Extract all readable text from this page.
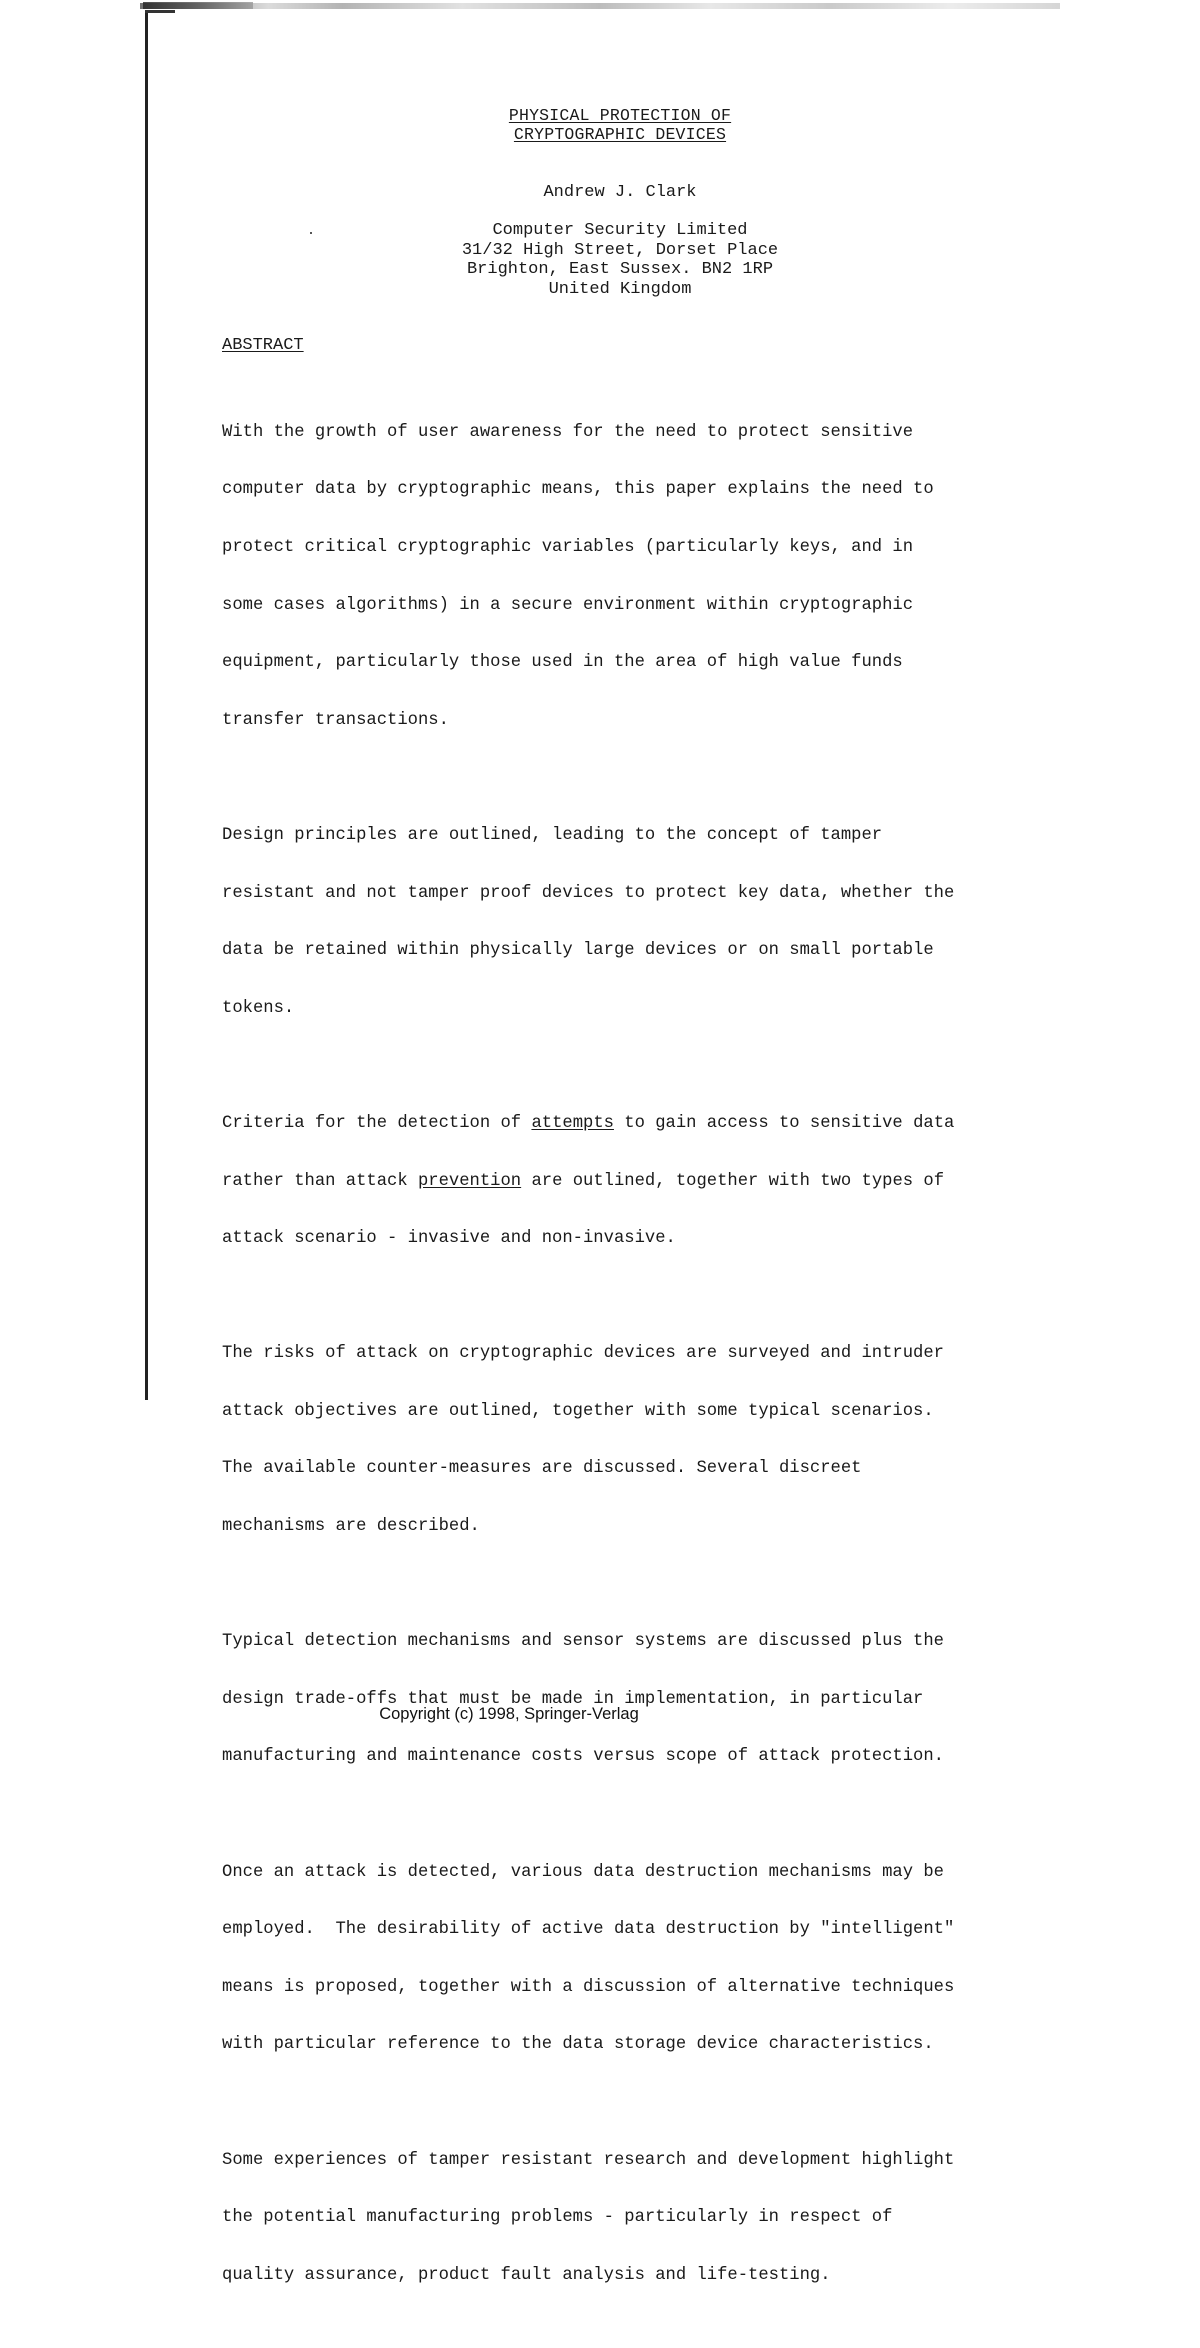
PHYSICAL PROTECTION OF
CRYPTOGRAPHIC DEVICES
Andrew J. Clark
Computer Security Limited
31/32 High Street, Dorset Place
Brighton, East Sussex. BN2 1RP
United Kingdom
ABSTRACT

With the growth of user awareness for the need to protect sensitive

computer data by cryptographic means, this paper explains the need to

protect critical cryptographic variables (particularly keys, and in

some cases algorithms) in a secure environment within cryptographic

equipment, particularly those used in the area of high value funds

transfer transactions.

Design principles are outlined, leading to the concept of tamper

resistant and not tamper proof devices to protect key data, whether the

data be retained within physically large devices or on small portable

tokens.

Criteria for the detection of attempts to gain access to sensitive data

rather than attack prevention are outlined, together with two types of

attack scenario - invasive and non-invasive.

The risks of attack on cryptographic devices are surveyed and intruder

attack objectives are outlined, together with some typical scenarios.

The available counter-measures are discussed. Several discreet

mechanisms are described.

Typical detection mechanisms and sensor systems are discussed plus the

design trade-offs that must be made in implementation, in particular

manufacturing and maintenance costs versus scope of attack protection.

Once an attack is detected, various data destruction mechanisms may be

employed.  The desirability of active data destruction by "intelligent"

means is proposed, together with a discussion of alternative techniques

with particular reference to the data storage device characteristics.

Some experiences of tamper resistant research and development highlight

the potential manufacturing problems - particularly in respect of

quality assurance, product fault analysis and life-testing.

Copyright (c) 1998, Springer-Verlag
